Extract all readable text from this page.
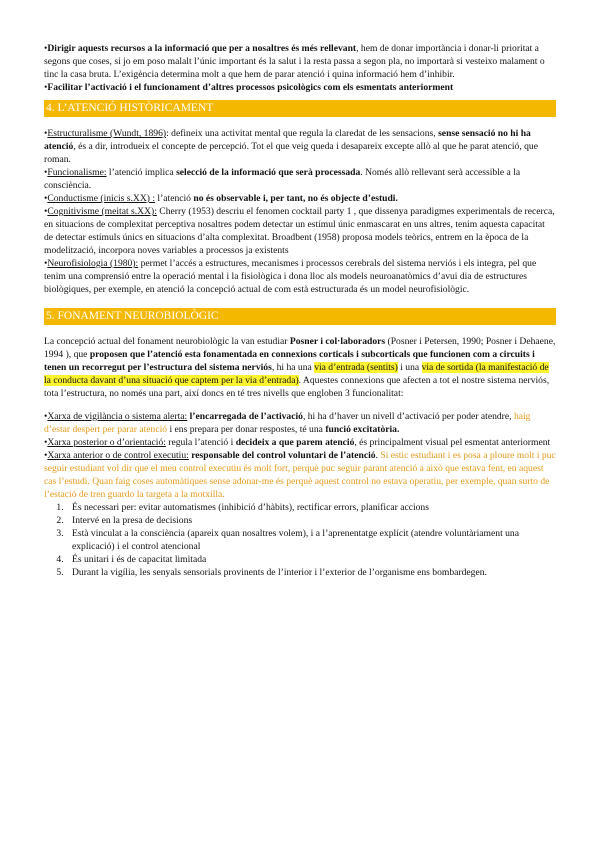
•Dirigir aquests recursos a la informació que per a nosaltres és més rellevant, hem de donar importància i donar-li prioritat a segons que coses, si jo em poso malalt l’únic important és la salut i la resta passa a segon pla, no importarà si vesteixo malament o tinc la casa bruta. L’exigència determina molt a que hem de parar atenció i quina informació hem d’inhibir.

•Facilitar l’activació i el funcionament d’altres processos psicològics com els esmentats anteriorment

4. L’ATENCIÓ HISTÒRICAMENT

•Estructuralisme (Wundt, 1896): defineix una activitat mental que regula la claredat de les sensacions, sense sensació no hi ha atenció, és a dir, introdueix el concepte de percepció. Tot el que veig queda i desapareix excepte allò al que he parat atenció, que roman.

•Funcionalisme: l’atenció implica selecció de la informació que serà processada. Només allò rellevant serà accessible a la consciència.

•Conductisme (inicis s.XX) : l’atenció no és observable i, per tant, no és objecte d’estudi.

•Cognitivisme (meitat s.XX): Cherry (1953) descriu el fenomen cocktail party 1 , que dissenya paradigmes experimentals de recerca, en situacions de complexitat perceptiva nosaltres podem detectar un estímul únic enmascarat en uns altres, tenim aquesta capacitat de detectar estímuls únics en situacions d’alta complexitat. Broadbent (1958) proposa models teòrics, entrem en la època de la modelització, incorpora noves variables a processos ja existents

•Neurofisiologia (1980): permet l’accés a estructures, mecanismes i processos cerebrals del sistema nerviós i els integra, pel que tenim una comprensió entre la operació mental i la fisiològica i dona lloc als models neuroanatòmics d’avui dia de estructures biològiques, per exemple, en atenció la concepció actual de com està estructurada és un model neurofisiològic.

5. FONAMENT NEUROBIOLÒGIC

La concepció actual del fonament neurobiològic la van estudiar Posner i col·laboradors (Posner i Petersen, 1990; Posner i Dehaene, 1994 ), que proposen que l’atenció esta fonamentada en connexions corticals i subcorticals que funcionen com a circuits i tenen un recorregut per l’estructura del sistema nerviós, hi ha una via d’entrada (sentits) i una via de sortida (la manifestació de la conducta davant d’una situació que captem per la via d’entrada). Aquestes connexions que afecten a tot el nostre sistema nerviós, tota l’estructura, no només una part, així doncs en té tres nivells que engloben 3 funcionalitat:

•Xarxa de vigilància o sistema alerta: l’encarregada de l’activació, hi ha d’haver un nivell d’activació per poder atendre, haig d’estar despert per parar atenció i ens prepara per donar respostes, té una funció excitatòria.

•Xarxa posterior o d’orientació: regula l’atenció i decideix a que parem atenció, és principalment visual pel esmentat anteriorment

•Xarxa anterior o de control executiu: responsable del control voluntari de l’atenció. Si estic estudiant i es posa a ploure molt i puc seguir estudiant vol dir que el meu control executiu és molt fort, perquè puc seguir parant atenció a això que estava fent, en aquest cas l’estudi. Quan faig coses automàtiques sense adonar-me és perquè aquest control no estava operatiu, per exemple, quan surto de l’estació de tren guardo la targeta a la motxilla.

1. És necessari per: evitar automatismes (inhibició d’hàbits), rectificar errors, planificar accions
2. Intervé en la presa de decisions
3. Està vinculat a la consciència (apareix quan nosaltres volem), i a l’aprenentatge explícit (atendre voluntàriament una explicació) i el control atencional
4. És unitari i és de capacitat limitada
5. Durant la vigília, les senyals sensorials provinents de l’interior i l’exterior de l’organisme ens bombardegen.
